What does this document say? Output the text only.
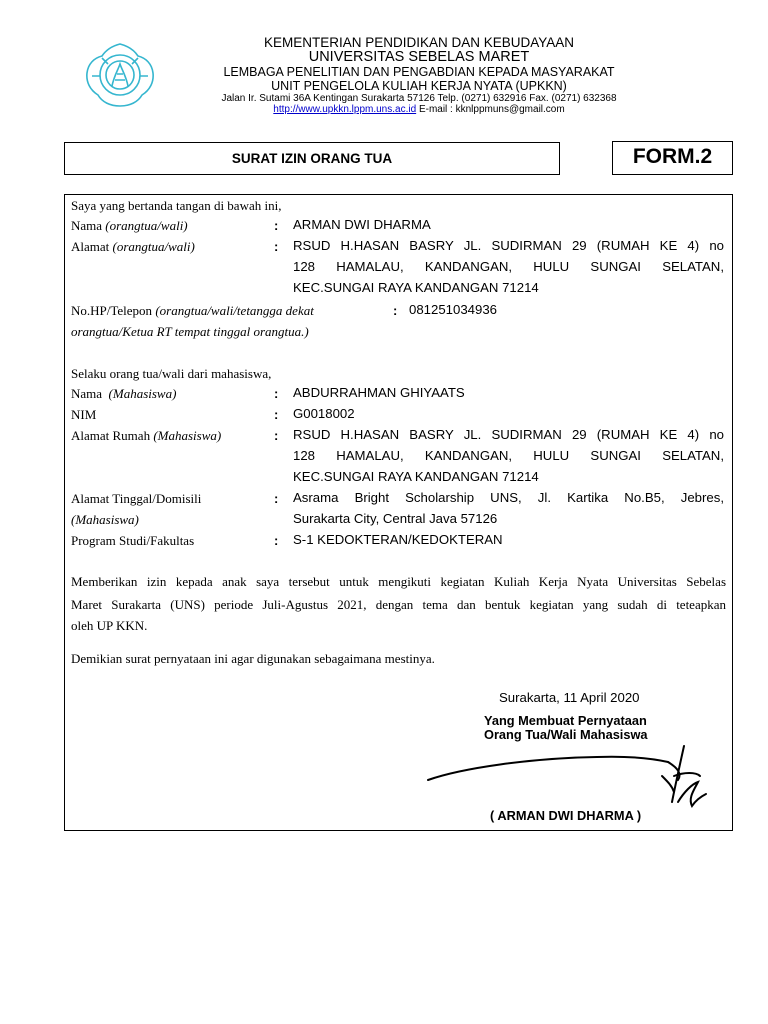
KEMENTERIAN PENDIDIKAN DAN KEBUDAYAAN
UNIVERSITAS SEBELAS MARET
LEMBAGA PENELITIAN DAN PENGABDIAN KEPADA MASYARAKAT
UNIT PENGELOLA KULIAH KERJA NYATA (UPKKN)
Jalan Ir. Sutami 36A Kentingan Surakarta 57126 Telp. (0271) 632916 Fax. (0271) 632368
http://www.upkkn.lppm.uns.ac.id E-mail : kknlppmuns@gmail.com
SURAT IZIN ORANG TUA	FORM.2
Saya yang bertanda tangan di bawah ini,
Nama (orangtua/wali)	: ARMAN DWI DHARMA
Alamat (orangtua/wali)	: RSUD H.HASAN BASRY JL. SUDIRMAN 29 (RUMAH KE 4) no
128 HAMALAU, KANDANGAN, HULU SUNGAI SELATAN,
KEC.SUNGAI RAYA KANDANGAN 71214
No.HP/Telepon (orangtua/wali/tetangga dekat
orangtua/Ketua RT tempat tinggal orangtua.)
: 081251034936
Selaku orang tua/wali dari mahasiswa,
Nama (Mahasiswa)	: ABDURRAHMAN GHIYAATS
NIM	: G0018002
Alamat Rumah (Mahasiswa)	: RSUD H.HASAN BASRY JL. SUDIRMAN 29 (RUMAH KE 4) no
128 HAMALAU, KANDANGAN, HULU SUNGAI SELATAN,
KEC.SUNGAI RAYA KANDANGAN 71214
Alamat Tinggal/Domisili
(Mahasiswa)
: Asrama Bright Scholarship UNS, Jl. Kartika No.B5, Jebres,
Surakarta City, Central Java 57126
Program Studi/Fakultas	: S-1 KEDOKTERAN/KEDOKTERAN
Memberikan izin kepada anak saya tersebut untuk mengikuti kegiatan Kuliah Kerja Nyata Universitas Sebelas
Maret Surakarta (UNS) periode Juli-Agustus 2021, dengan tema dan bentuk kegiatan yang sudah di teteapkan
oleh UP KKN.
Demikian surat pernyataan ini agar digunakan sebagaimana mestinya.
Surakarta, 11 April 2020
Yang Membuat Pernyataan
Orang Tua/Wali Mahasiswa
( ARMAN DWI DHARMA )
